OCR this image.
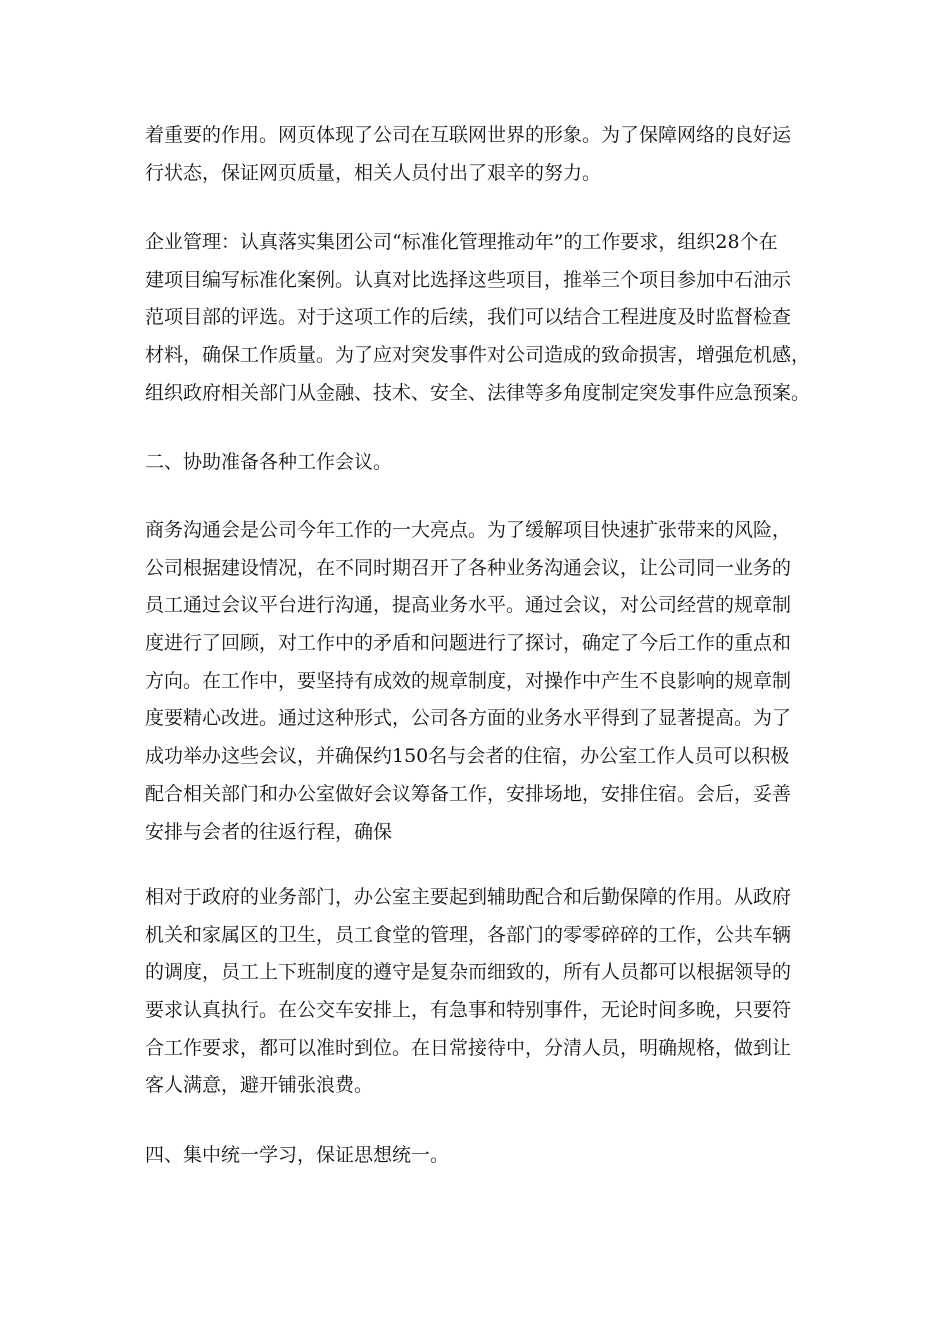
着重要的作用。网页体现了公司在互联网世界的形象。为了保障网络的良好运
行状态，保证网页质量，相关人员付出了艰辛的努力。
企业管理：认真落实集团公司“标准化管理推动年”的工作要求，组织28个在
建项目编写标准化案例。认真对比选择这些项目，推举三个项目参加中石油示
范项目部的评选。对于这项工作的后续，我们可以结合工程进度及时监督检查
材料，确保工作质量。为了应对突发事件对公司造成的致命损害，增强危机感，
组织政府相关部门从金融、技术、安全、法律等多角度制定突发事件应急预案。
二、协助准备各种工作会议。
商务沟通会是公司今年工作的一大亮点。为了缓解项目快速扩张带来的风险，
公司根据建设情况，在不同时期召开了各种业务沟通会议，让公司同一业务的
员工通过会议平台进行沟通，提高业务水平。通过会议，对公司经营的规章制
度进行了回顾，对工作中的矛盾和问题进行了探讨，确定了今后工作的重点和
方向。在工作中，要坚持有成效的规章制度，对操作中产生不良影响的规章制
度要精心改进。通过这种形式，公司各方面的业务水平得到了显著提高。为了
成功举办这些会议，并确保约150名与会者的住宿，办公室工作人员可以积极
配合相关部门和办公室做好会议筹备工作，安排场地，安排住宿。会后，妥善
安排与会者的往返行程，确保
相对于政府的业务部门，办公室主要起到辅助配合和后勤保障的作用。从政府
机关和家属区的卫生，员工食堂的管理，各部门的零零碎碎的工作，公共车辆
的调度，员工上下班制度的遵守是复杂而细致的，所有人员都可以根据领导的
要求认真执行。在公交车安排上，有急事和特别事件，无论时间多晚，只要符
合工作要求，都可以准时到位。在日常接待中，分清人员，明确规格，做到让
客人满意，避开铺张浪费。
四、集中统一学习，保证思想统一。
